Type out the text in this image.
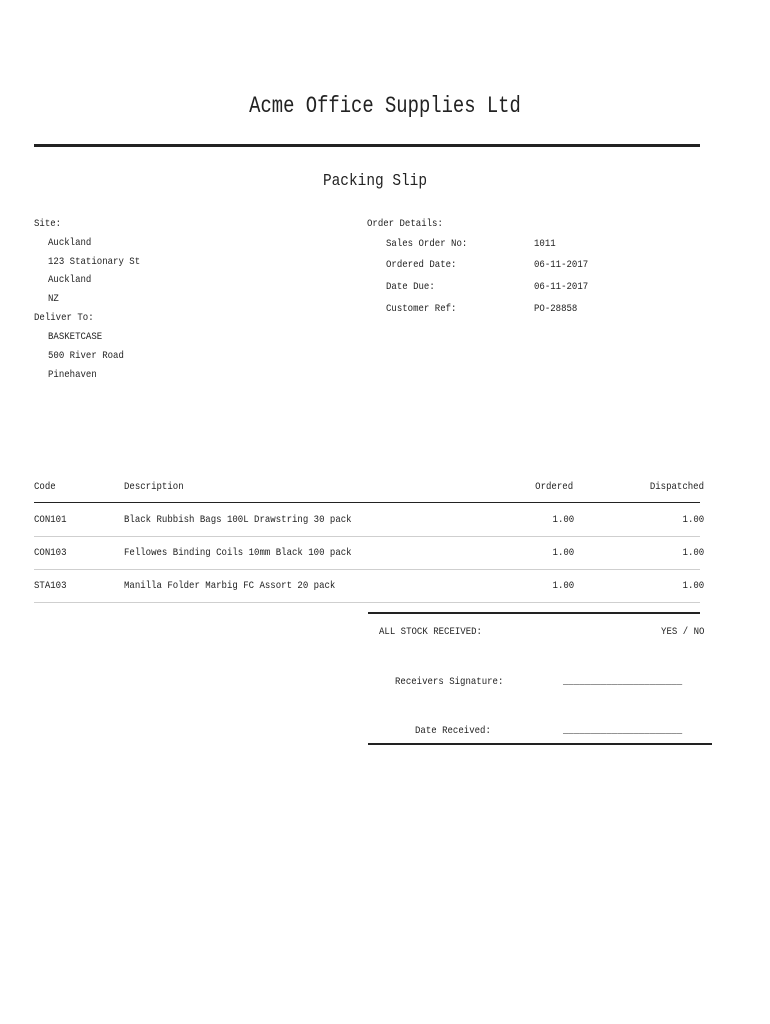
Acme Office Supplies Ltd
Packing Slip
Site:
Auckland
123 Stationary St
Auckland
NZ
Deliver To:
BASKETCASE
500 River Road
Pinehaven
Order Details:
Sales Order No:	1011
Ordered Date:	06-11-2017
Date Due:	06-11-2017
Customer Ref:	PO-28858
Code	Description	Ordered	Dispatched
CON101	Black Rubbish Bags 100L Drawstring 30 pack	1.00	1.00
CON103	Fellowes Binding Coils 10mm Black 100 pack	1.00	1.00
STA103	Manilla Folder Marbig FC Assort 20 pack	1.00	1.00
ALL STOCK RECEIVED:	YES / NO
Receivers Signature:	______________________
Date Received:	______________________
